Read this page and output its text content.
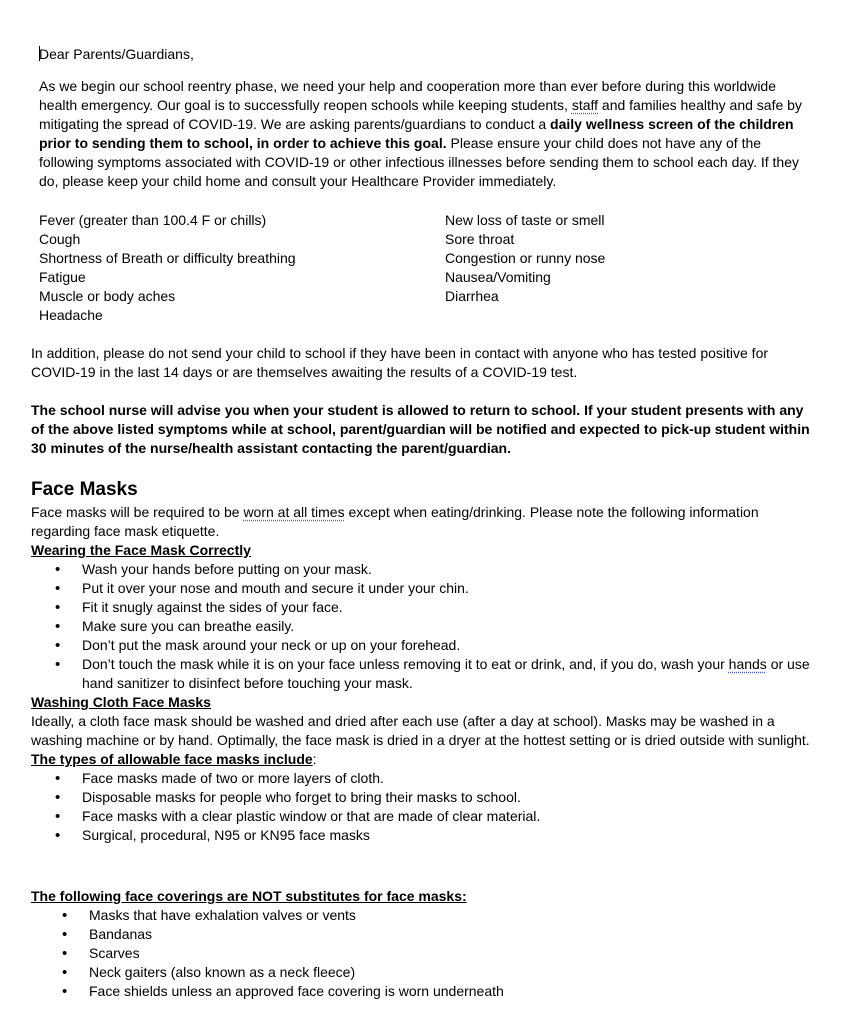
Dear Parents/Guardians,

As we begin our school reentry phase, we need your help and cooperation more than ever before during this worldwide health emergency. Our goal is to successfully reopen schools while keeping students, staff and families healthy and safe by mitigating the spread of COVID-19. We are asking parents/guardians to conduct a daily wellness screen of the children prior to sending them to school, in order to achieve this goal. Please ensure your child does not have any of the following symptoms associated with COVID-19 or other infectious illnesses before sending them to school each day. If they do, please keep your child home and consult your Healthcare Provider immediately.

Fever (greater than 100.4 F or chills)
Cough
Shortness of Breath or difficulty breathing
Fatigue
Muscle or body aches
Headache
New loss of taste or smell
Sore throat
Congestion or runny nose
Nausea/Vomiting
Diarrhea

In addition, please do not send your child to school if they have been in contact with anyone who has tested positive for COVID-19 in the last 14 days or are themselves awaiting the results of a COVID-19 test.

The school nurse will advise you when your student is allowed to return to school. If your student presents with any of the above listed symptoms while at school, parent/guardian will be notified and expected to pick-up student within 30 minutes of the nurse/health assistant contacting the parent/guardian.

Face Masks
Face masks will be required to be worn at all times except when eating/drinking. Please note the following information regarding face mask etiquette.
Wearing the Face Mask Correctly
• Wash your hands before putting on your mask.
• Put it over your nose and mouth and secure it under your chin.
• Fit it snugly against the sides of your face.
• Make sure you can breathe easily.
• Don’t put the mask around your neck or up on your forehead.
• Don’t touch the mask while it is on your face unless removing it to eat or drink, and, if you do, wash your hands or use hand sanitizer to disinfect before touching your mask.
Washing Cloth Face Masks
Ideally, a cloth face mask should be washed and dried after each use (after a day at school). Masks may be washed in a washing machine or by hand. Optimally, the face mask is dried in a dryer at the hottest setting or is dried outside with sunlight.
The types of allowable face masks include:
• Face masks made of two or more layers of cloth.
• Disposable masks for people who forget to bring their masks to school.
• Face masks with a clear plastic window or that are made of clear material.
• Surgical, procedural, N95 or KN95 face masks
The following face coverings are NOT substitutes for face masks:
• Masks that have exhalation valves or vents
• Bandanas
• Scarves
• Neck gaiters (also known as a neck fleece)
• Face shields unless an approved face covering is worn underneath
